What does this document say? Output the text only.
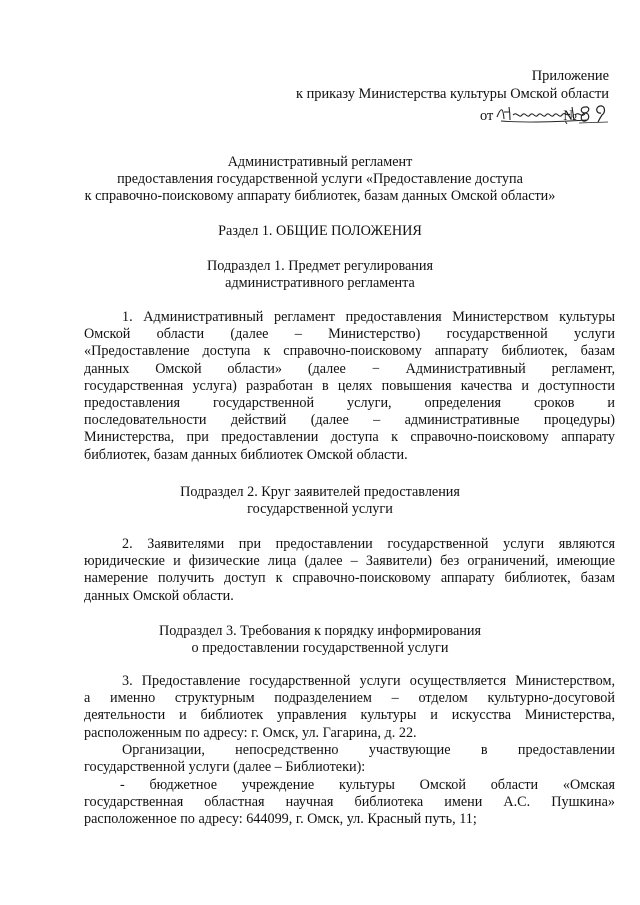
Приложение
к приказу Министерства культуры Омской области
от	№
Административный регламент
предоставления государственной услуги «Предоставление доступа
к справочно-поисковому аппарату библиотек, базам данных Омской области»
Раздел 1. ОБЩИЕ ПОЛОЖЕНИЯ
Подраздел 1. Предмет регулирования
административного регламента
1. Административный регламент предоставления Министерством культуры
Омской области (далее – Министерство) государственной услуги
«Предоставление доступа к справочно-поисковому аппарату библиотек, базам
данных Омской области» (далее − Административный регламент,
государственная услуга) разработан в целях повышения качества и доступности
предоставления государственной услуги, определения сроков и
последовательности действий (далее – административные процедуры)
Министерства, при предоставлении доступа к справочно-поисковому аппарату
библиотек, базам данных библиотек Омской области.
Подраздел 2. Круг заявителей предоставления
государственной услуги
2. Заявителями при предоставлении государственной услуги являются
юридические и физические лица (далее – Заявители) без ограничений, имеющие
намерение получить доступ к справочно-поисковому аппарату библиотек, базам
данных Омской области.
Подраздел 3. Требования к порядку информирования
о предоставлении государственной услуги
3. Предоставление государственной услуги осуществляется Министерством,
а именно структурным подразделением – отделом культурно-досуговой
деятельности и библиотек управления культуры и искусства Министерства,
расположенным по адресу: г. Омск, ул. Гагарина, д. 22.
Организации, непосредственно участвующие в предоставлении
государственной услуги (далее – Библиотеки):
- бюджетное учреждение культуры Омской области «Омская
государственная областная научная библиотека имени А.С. Пушкина»
расположенное по адресу: 644099, г. Омск, ул. Красный путь, 11;
